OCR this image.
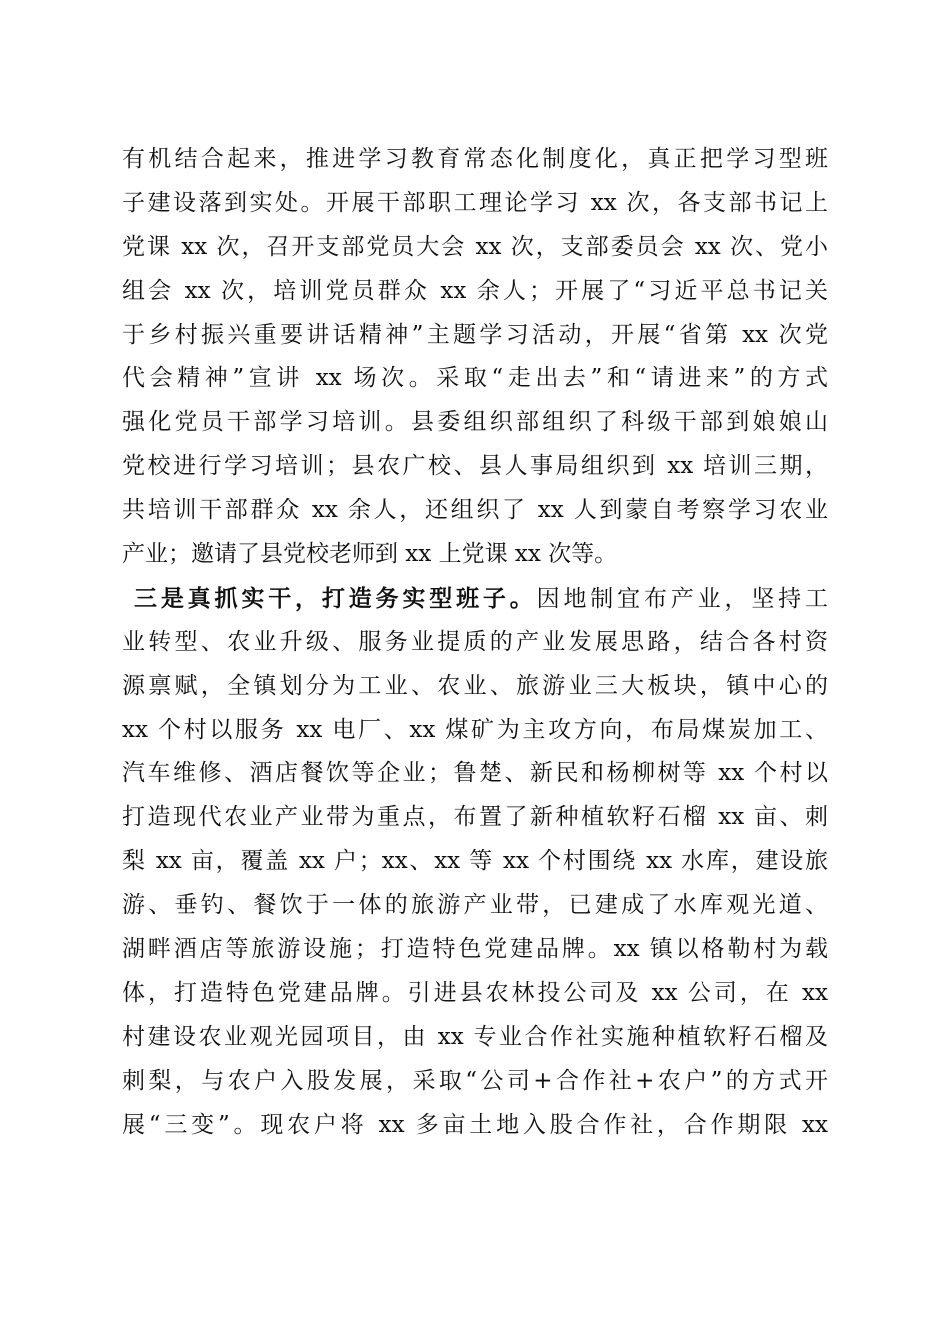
有机结合起来，推进学习教育常态化制度化，真正把学习型班
子建设落到实处。开展干部职工理论学习 xx 次，各支部书记上
党课 xx 次，召开支部党员大会 xx 次，支部委员会 xx 次、党小
组会 xx 次，培训党员群众 xx 余人；开展了“习近平总书记关
于乡村振兴重要讲话精神”主题学习活动，开展“省第 xx 次党
代会精神”宣讲 xx 场次。采取“走出去”和“请进来”的方式
强化党员干部学习培训。县委组织部组织了科级干部到娘娘山
党校进行学习培训；县农广校、县人事局组织到 xx 培训三期，
共培训干部群众 xx 余人，还组织了 xx 人到蒙自考察学习农业
产业；邀请了县党校老师到 xx 上党课 xx 次等。
三是真抓实干，打造务实型班子。因地制宜布产业，坚持工
业转型、农业升级、服务业提质的产业发展思路，结合各村资
源禀赋，全镇划分为工业、农业、旅游业三大板块，镇中心的
xx 个村以服务 xx 电厂、xx 煤矿为主攻方向，布局煤炭加工、
汽车维修、酒店餐饮等企业；鲁楚、新民和杨柳树等 xx 个村以
打造现代农业产业带为重点，布置了新种植软籽石榴 xx 亩、刺
梨 xx 亩，覆盖 xx 户；xx、xx 等 xx 个村围绕 xx 水库，建设旅
游、垂钓、餐饮于一体的旅游产业带，已建成了水库观光道、
湖畔酒店等旅游设施；打造特色党建品牌。xx 镇以格勒村为载
体，打造特色党建品牌。引进县农林投公司及 xx 公司，在 xx
村建设农业观光园项目，由 xx 专业合作社实施种植软籽石榴及
刺梨，与农户入股发展，采取“公司+合作社+农户”的方式开
展“三变”。现农户将 xx 多亩土地入股合作社，合作期限 xx
